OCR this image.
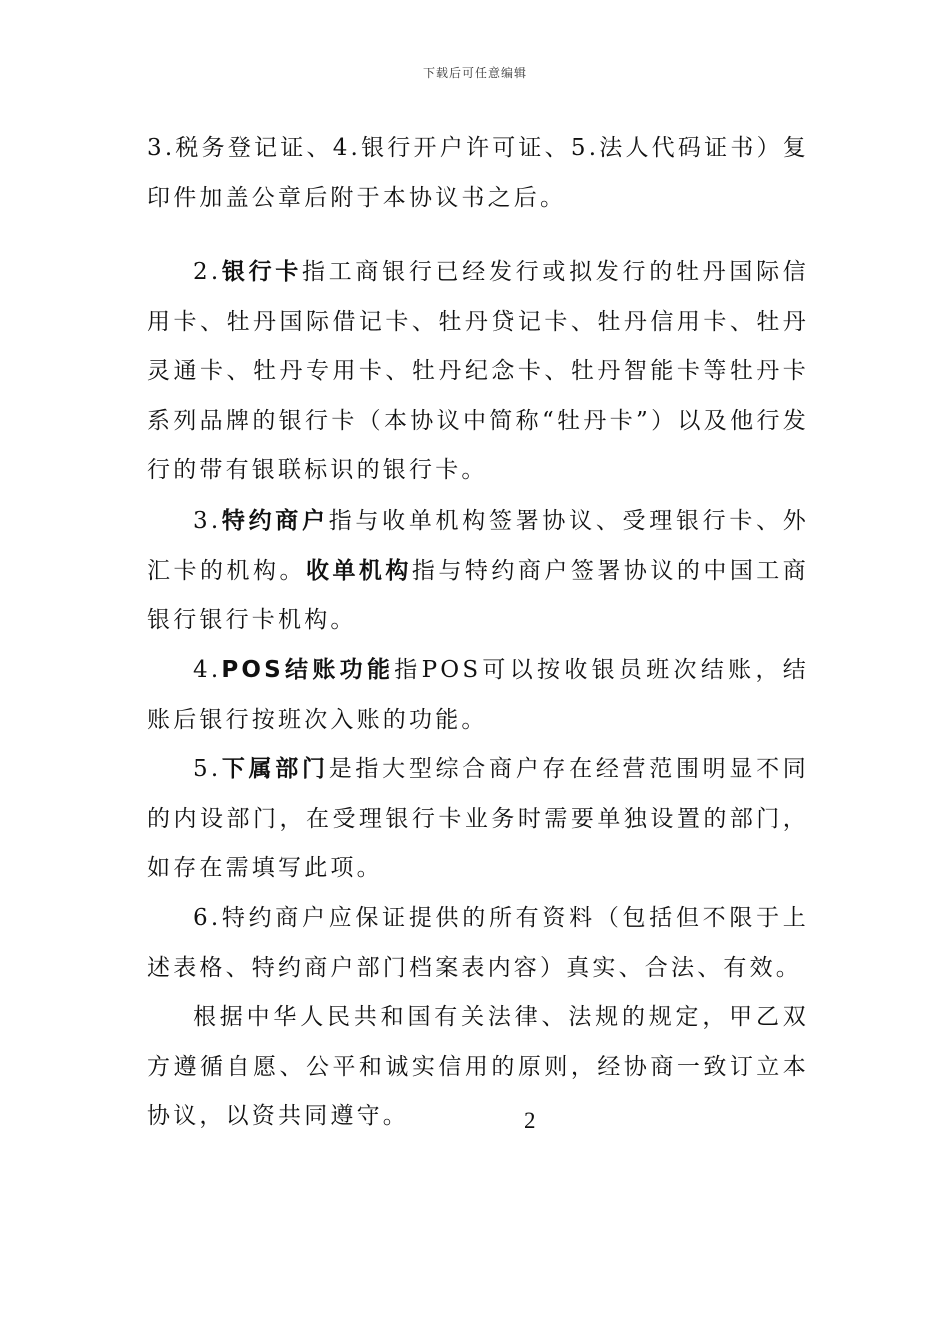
下载后可任意编辑

3.税务登记证、4.银行开户许可证、5.法人代码证书）复印件加盖公章后附于本协议书之后。

2.银行卡指工商银行已经发行或拟发行的牡丹国际信用卡、牡丹国际借记卡、牡丹贷记卡、牡丹信用卡、牡丹灵通卡、牡丹专用卡、牡丹纪念卡、牡丹智能卡等牡丹卡系列品牌的银行卡（本协议中简称“牡丹卡”）以及他行发行的带有银联标识的银行卡。

3.特约商户指与收单机构签署协议、受理银行卡、外汇卡的机构。收单机构指与特约商户签署协议的中国工商银行银行卡机构。

4.POS结账功能指POS可以按收银员班次结账，结账后银行按班次入账的功能。

5.下属部门是指大型综合商户存在经营范围明显不同的内设部门，在受理银行卡业务时需要单独设置的部门，如存在需填写此项。

6.特约商户应保证提供的所有资料（包括但不限于上述表格、特约商户部门档案表内容）真实、合法、有效。

根据中华人民共和国有关法律、法规的规定，甲乙双方遵循自愿、公平和诚实信用的原则，经协商一致订立本协议，以资共同遵守。	2
